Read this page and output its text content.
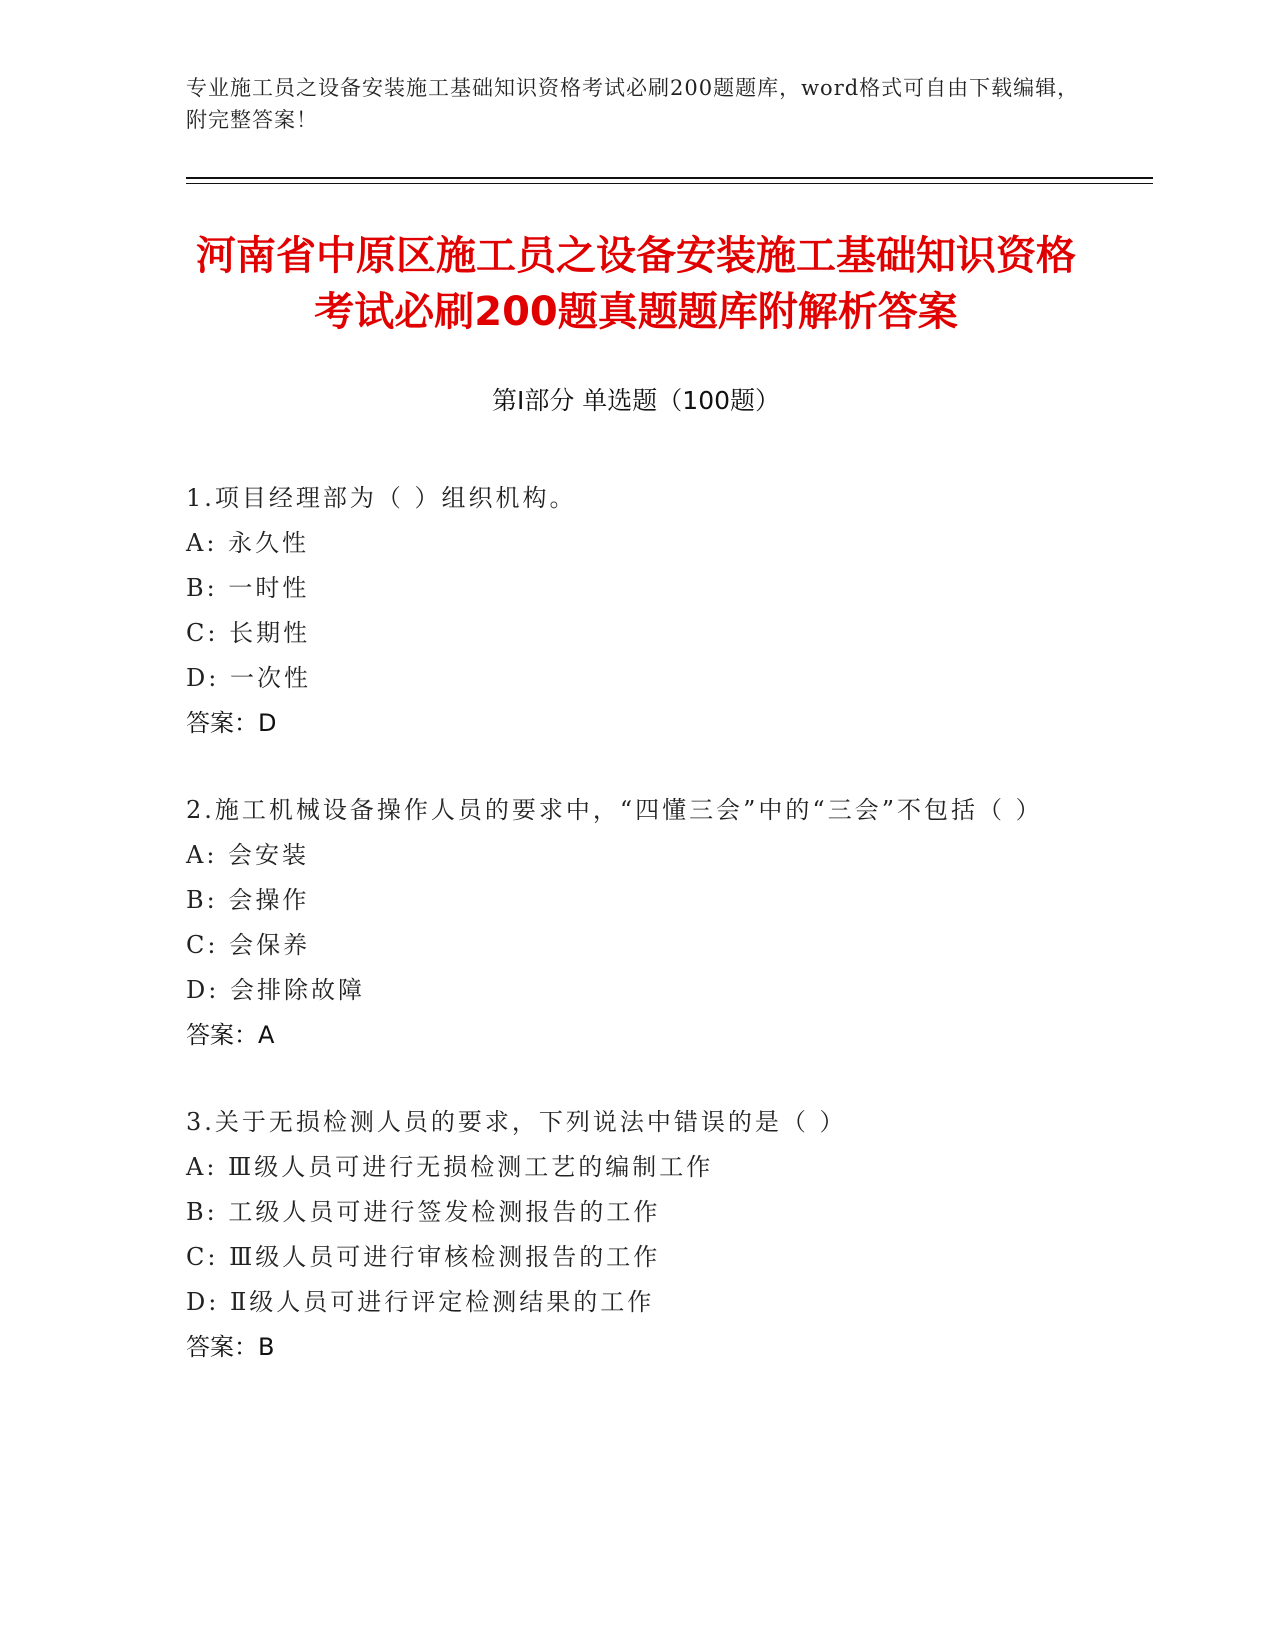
专业施工员之设备安装施工基础知识资格考试必刷200题题库，word格式可自由下载编辑，附完整答案！
河南省中原区施工员之设备安装施工基础知识资格考试必刷200题真题题库附解析答案
第Ⅰ部分 单选题（100题）

1.项目经理部为（ ）组织机构。

A: 永久性

B: 一时性

C: 长期性

D: 一次性

答案：D

2.施工机械设备操作人员的要求中，“四懂三会”中的“三会”不包括（ ）

A: 会安装

B: 会操作

C: 会保养

D: 会排除故障

答案：A

3.关于无损检测人员的要求，下列说法中错误的是（ ）

A: Ⅲ级人员可进行无损检测工艺的编制工作

B: 工级人员可进行签发检测报告的工作

C: Ⅲ级人员可进行审核检测报告的工作

D: Ⅱ级人员可进行评定检测结果的工作

答案：B
